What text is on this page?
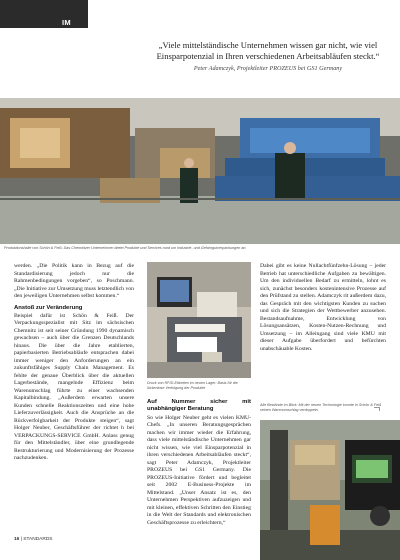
IM FOKUS
„Viele mittelständische Unternehmen wissen gar nicht, wie viel Einsparpotenzial in Ihren verschiedenen Arbeitsabläufen steckt.“
Peter Adamczyk, Projektleiter PROZEUS bei GS1 Germany
Produktionshalle von Schön & Feiß: Das Chemnitzer Unternehmen bietet Produkte und Services rund um Industrie- und Gefahrgutverpackungen an.

werden. „Die Politik kann in Bezug auf die Standardisierung jedoch nur die Rahmenbedingungen vorgeben“, so Poschmann. „Die Initiative zur Umsetzung muss letztendlich von den jeweiligen Unternehmen selbst kommen.“

Anstoß zur Veränderung

Beispiel dafür ist Schön & Feiß. Der Verpackungsspezialist mit Sitz im sächsischen Chemnitz ist seit seiner Gründung 1990 dynamisch gewachsen – auch über die Grenzen Deutschlands hinaus. Die über die Jahre etablierten, papierbasierten Betriebsabläufe entsprachen dabei immer weniger den Anforderungen an ein zukunftsfähiges Supply Chain Management. Es fehlte der genaue Überblick über die aktuellen Lagerbestände, mangelnde Effizienz beim Warenumschlag führte zu einer wachsenden Kapitalbindung. „Außerdem erwarten unsere Kunden schnelle Reaktionszeiten und eine hohe Lieferzuverlässigkeit. Auch die Ansprüche an die Rückverfolgbarkeit der Produkte steigen“, sagt Holger Neuber, Geschäftsführer der richtet h bei VERPACKUNGS-SERVICE GmbH. Anlass genug für den Mittelständler, über eine grundlegende Restrukturierung und Modernisierung der Prozesse nachzudenken.

Druck von RFID-Etiketten im neuen Lager: Basis für die lückenlose Verfolgung der Produkte
Auf Nummer sicher mit unabhängiger Beratung

So wie Holger Neuber geht es vielen KMU-Chefs. „In unseren Beratungsgesprächen machen wir immer wieder die Erfahrung, dass viele mittelständische Unternehmen gar nicht wissen, wie viel Einsparpotenzial in ihren verschiedenen Arbeitsabläufen steckt“, sagt Peter Adamczyk, Projektleiter PROZEUS bei GS1 Germany. Die PROZEUS-Initiative fördert und begleitet seit 2002 E-Business-Projekte im Mittelstand. „Unser Ansatz ist es, den Unternehmen Perspektiven aufzuzeigen und mit kleinen, effektiven Schritten den Einstieg in die Welt der Standards und elektronischen Geschäftsprozesse zu erleichtern,“

Dabei gibt es keine Nullachtfünfzehn-Lösung – jeder Betrieb hat unterschiedliche Aufgaben zu bewältigen. Um den individuellen Bedarf zu ermitteln, lohnt es sich, zunächst besonders kostenintensive Prozesse auf den Prüfstand zu stellen. Adamczyk rit außerdem dazu, das Gespräch mit den wichtigsten Kunden zu suchen und sich die Strategien der Wettbewerber anzusehen. Bestandsaufnahme, Entwicklung von Lösungsansätzen, Kosten-Nutzen-Rechnung und Umsetzung – im Alleingang sind viele KMU mit dieser Aufgabe überfordert und befürchten unabschäuable Kosten.

Alle Bestände im Blick: Mit der neuen Technologie konnte in Schön & Feiß seinen Warenumschlag verdoppeln.
16 | STANDARDS
